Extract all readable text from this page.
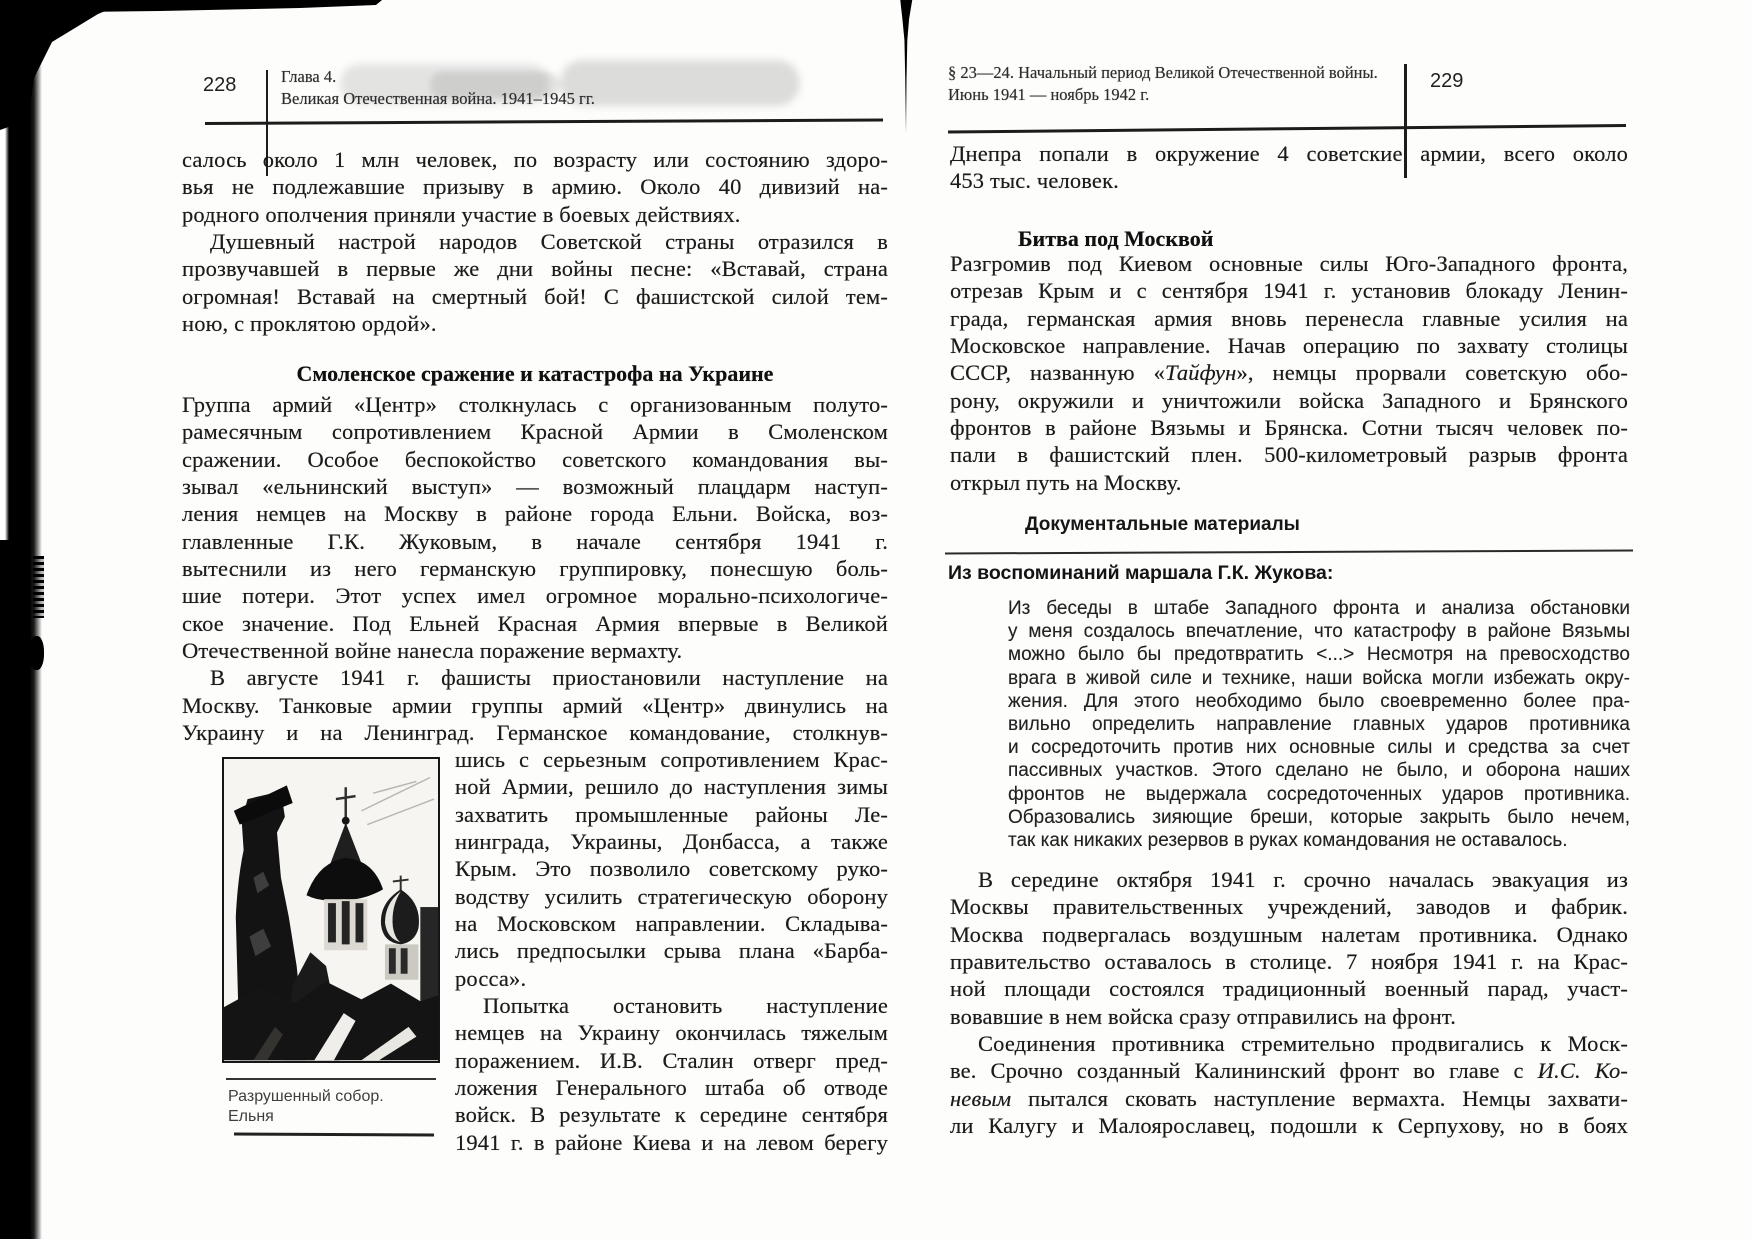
228	Глава 4.
Великая Отечественная война. 1941–1945 гг.
салось около 1 млн человек, по возрасту или состоянию здоро-
вья не подлежавшие призыву в армию. Около 40 дивизий на-
родного ополчения приняли участие в боевых действиях.
Душевный настрой народов Советской страны отразился в
прозвучавшей в первые же дни войны песне: «Вставай, страна
огромная! Вставай на смертный бой! С фашистской силой тем-
ною, с проклятою ордой».
Смоленское сражение и катастрофа на Украине
Группа армий «Центр» столкнулась с организованным полуто-
рамесячным сопротивлением Красной Армии в Смоленском
сражении. Особое беспокойство советского командования вы-
зывал «ельнинский выступ» — возможный плацдарм наступ-
ления немцев на Москву в районе города Ельни. Войска, воз-
главленные Г.К. Жуковым, в начале сентября 1941 г.
вытеснили из него германскую группировку, понесшую боль-
шие потери. Этот успех имел огромное морально-психологиче-
ское значение. Под Ельней Красная Армия впервые в Великой
Отечественной войне нанесла поражение вермахту.
В августе 1941 г. фашисты приостановили наступление на
Москву. Танковые армии группы армий «Центр» двинулись на
Украину и на Ленинград. Германское командование, столкнув-
шись с серьезным сопротивлением Крас-
ной Армии, решило до наступления зимы
захватить промышленные районы Ле-
нинграда, Украины, Донбасса, а также
Крым. Это позволило советскому руко-
водству усилить стратегическую оборону
на Московском направлении. Складыва-
лись предпосылки срыва плана «Барба-
росса».
Попытка остановить наступление
немцев на Украину окончилась тяжелым
поражением. И.В. Сталин отверг пред-
ложения Генерального штаба об отводе
войск. В результате к середине сентября
1941 г. в районе Киева и на левом берегу
Разрушенный собор.
Ельня
§ 23—24. Начальный период Великой Отечественной войны.
Июнь 1941 — ноябрь 1942 г.
229
Днепра попали в окружение 4 советские армии, всего около
453 тыс. человек.
Битва под Москвой
Разгромив под Киевом основные силы Юго-Западного фронта,
отрезав Крым и с сентября 1941 г. установив блокаду Ленин-
града, германская армия вновь перенесла главные усилия на
Московское направление. Начав операцию по захвату столицы
СССР, названную «Тайфун», немцы прорвали советскую обо-
рону, окружили и уничтожили войска Западного и Брянского
фронтов в районе Вязьмы и Брянска. Сотни тысяч человек по-
пали в фашистский плен. 500-километровый разрыв фронта
открыл путь на Москву.
Документальные материалы
Из воспоминаний маршала Г.К. Жукова:
Из беседы в штабе Западного фронта и анализа обстановки
у меня создалось впечатление, что катастрофу в районе Вязьмы
можно было бы предотвратить <...> Несмотря на превосходство
врага в живой силе и технике, наши войска могли избежать окру-
жения. Для этого необходимо было своевременно более пра-
вильно определить направление главных ударов противника
и сосредоточить против них основные силы и средства за счет
пассивных участков. Этого сделано не было, и оборона наших
фронтов не выдержала сосредоточенных ударов противника.
Образовались зияющие бреши, которые закрыть было нечем,
так как никаких резервов в руках командования не оставалось.
В середине октября 1941 г. срочно началась эвакуация из
Москвы правительственных учреждений, заводов и фабрик.
Москва подвергалась воздушным налетам противника. Однако
правительство оставалось в столице. 7 ноября 1941 г. на Крас-
ной площади состоялся традиционный военный парад, участ-
вовавшие в нем войска сразу отправились на фронт.
Соединения противника стремительно продвигались к Моск-
ве. Срочно созданный Калининский фронт во главе с И.С. Ко-
невым пытался сковать наступление вермахта. Немцы захвати-
ли Калугу и Малоярославец, подошли к Серпухову, но в боях
